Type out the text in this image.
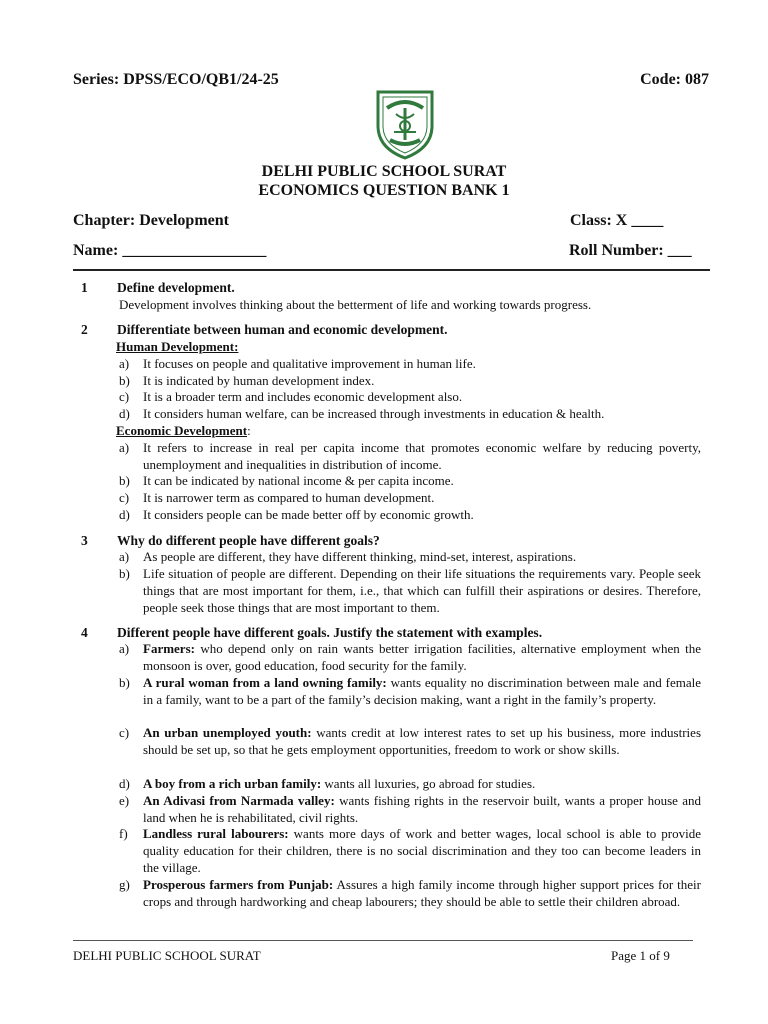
Series: DPSS/ECO/QB1/24-25	Code: 087
DELHI PUBLIC SCHOOL SURAT
ECONOMICS QUESTION BANK 1
Chapter: Development	Class: X ____
Name: __________________	Roll Number: ___
1 Define development.
Development involves thinking about the betterment of life and working towards progress.
2 Differentiate between human and economic development.
Human Development:
a)	It focuses on people and qualitative improvement in human life.
b)	It is indicated by human development index.
c)	It is a broader term and includes economic development also.
d)	It considers human welfare, can be increased through investments in education & health.
Economic Development:
a)	It refers to increase in real per capita income that promotes economic welfare by reducing poverty, unemployment and inequalities in distribution of income.
b)	It can be indicated by national income & per capita income.
c)	It is narrower term as compared to human development.
d)	It considers people can be made better off by economic growth.
3 Why do different people have different goals?
a)	As people are different, they have different thinking, mind-set, interest, aspirations.
b)	Life situation of people are different. Depending on their life situations the requirements vary. People seek things that are most important for them, i.e., that which can fulfill their aspirations or desires. Therefore, people seek those things that are most important to them.
4 Different people have different goals. Justify the statement with examples.
a)	Farmers: who depend only on rain wants better irrigation facilities, alternative employment when the monsoon is over, good education, food security for the family.
b)	A rural woman from a land owning family: wants equality no discrimination between male and female in a family, want to be a part of the family’s decision making, want a right in the family’s property.
c)	An urban unemployed youth: wants credit at low interest rates to set up his business, more industries should be set up, so that he gets employment opportunities, freedom to work or show skills.
d)	A boy from a rich urban family: wants all luxuries, go abroad for studies.
e)	An Adivasi from Narmada valley: wants fishing rights in the reservoir built, wants a proper house and land when he is rehabilitated, civil rights.
f)	Landless rural labourers: wants more days of work and better wages, local school is able to provide quality education for their children, there is no social discrimination and they too can become leaders in the village.
g)	Prosperous farmers from Punjab: Assures a high family income through higher support prices for their crops and through hardworking and cheap labourers; they should be able to settle their children abroad.
DELHI PUBLIC SCHOOL SURAT	Page 1 of 9
